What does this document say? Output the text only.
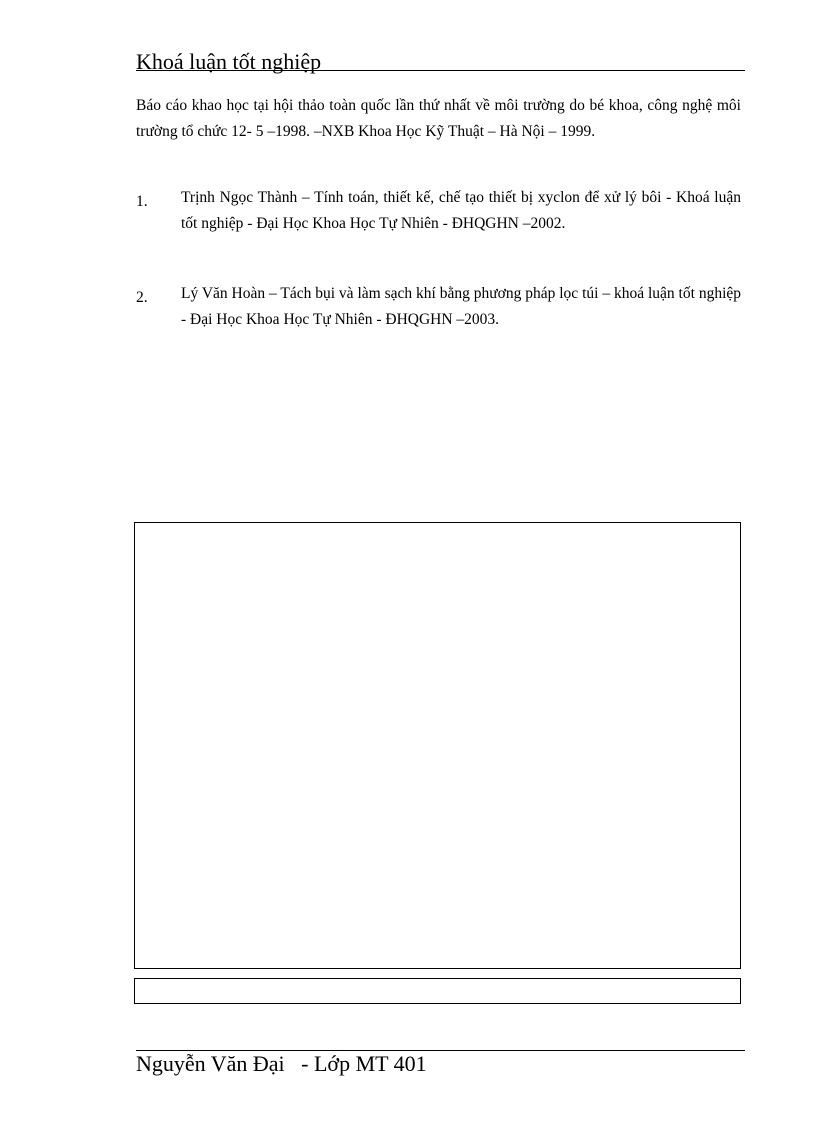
Khoá luận tốt nghiệp

Báo cáo khao học tại hội thảo toàn quốc lần thứ nhất về môi trường do bé khoa, công nghệ môi trường tổ chức 12- 5 –1998. –NXB Khoa Học Kỹ Thuật – Hà Nội – 1999.

1.	Trịnh Ngọc Thành – Tính toán, thiết kế, chế tạo thiết bị xyclon để xử lý bôi - Khoá luận tốt nghiệp - Đại Học Khoa Học Tự Nhiên - ĐHQGHN –2002.
2.	Lý Văn Hoàn – Tách bụi và làm sạch khí bằng phương pháp lọc túi – khoá luận tốt nghiệp - Đại Học Khoa Học Tự Nhiên - ĐHQGHN –2003.
Nguyễn Văn Đại   - Lớp MT 401
